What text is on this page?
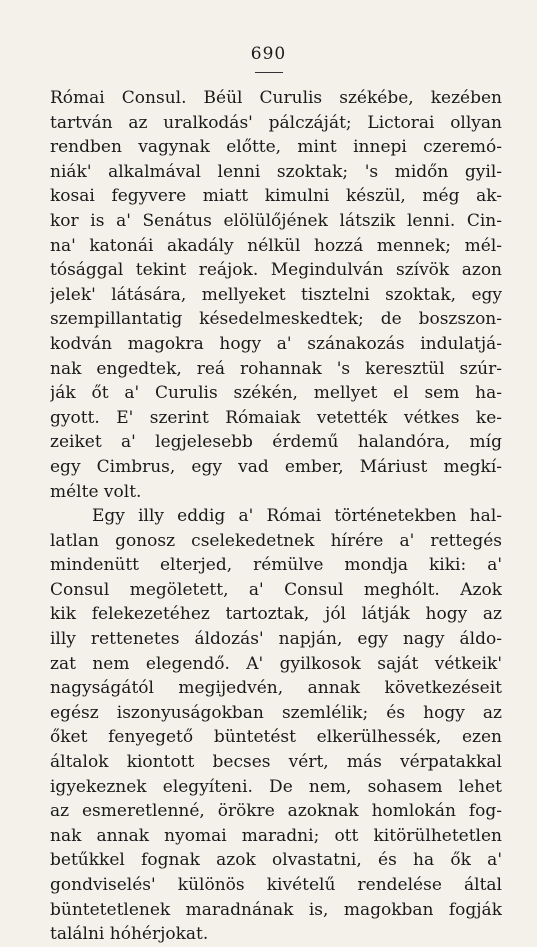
690
Római Consul. Béül Curulis székébe, kezében
tartván az uralkodás' pálczáját; Lictorai ollyan
rendben vagynak előtte, mint innepi czeremó-
niák' alkalmával lenni szoktak; 's midőn gyil-
kosai fegyvere miatt kimulni készül, még ak-
kor is a' Senátus elölülőjének látszik lenni. Cin-
na' katonái akadály nélkül hozzá mennek; mél-
tósággal tekint reájok. Megindulván szívök azon
jelek' látására, mellyeket tisztelni szoktak, egy
szempillantatig késedelmeskedtek; de boszszon-
kodván magokra hogy a' szánakozás indulatjá-
nak engedtek, reá rohannak 's keresztül szúr-
ják őt a' Curulis székén, mellyet el sem ha-
gyott. E' szerint Rómaiak vetették vétkes ke-
zeiket a' legjelesebb érdemű halandóra, míg
egy Cimbrus, egy vad ember, Máriust megkí-
mélte volt.
Egy illy eddig a' Római történetekben hal-
latlan gonosz cselekedetnek hírére a' rettegés
mindenütt elterjed, rémülve mondja kiki: a'
Consul megöletett, a' Consul meghólt. Azok
kik felekezetéhez tartoztak, jól látják hogy az
illy rettenetes áldozás' napján, egy nagy áldo-
zat nem elegendő. A' gyilkosok saját vétkeik'
nagyságától megijedvén, annak következéseit
egész iszonyuságokban szemlélik; és hogy az
őket fenyegető büntetést elkerülhessék, ezen
általok kiontott becses vért, más vérpatakkal
igyekeznek elegyíteni. De nem, sohasem lehet
az esmeretlenné, örökre azoknak homlokán fog-
nak annak nyomai maradni; ott kitörülhetetlen
betűkkel fognak azok olvastatni, és ha ők a'
gondviselés' különös kivételű rendelése által
büntetetlenek maradnának is, magokban fogják
találni hóhérjokat.
